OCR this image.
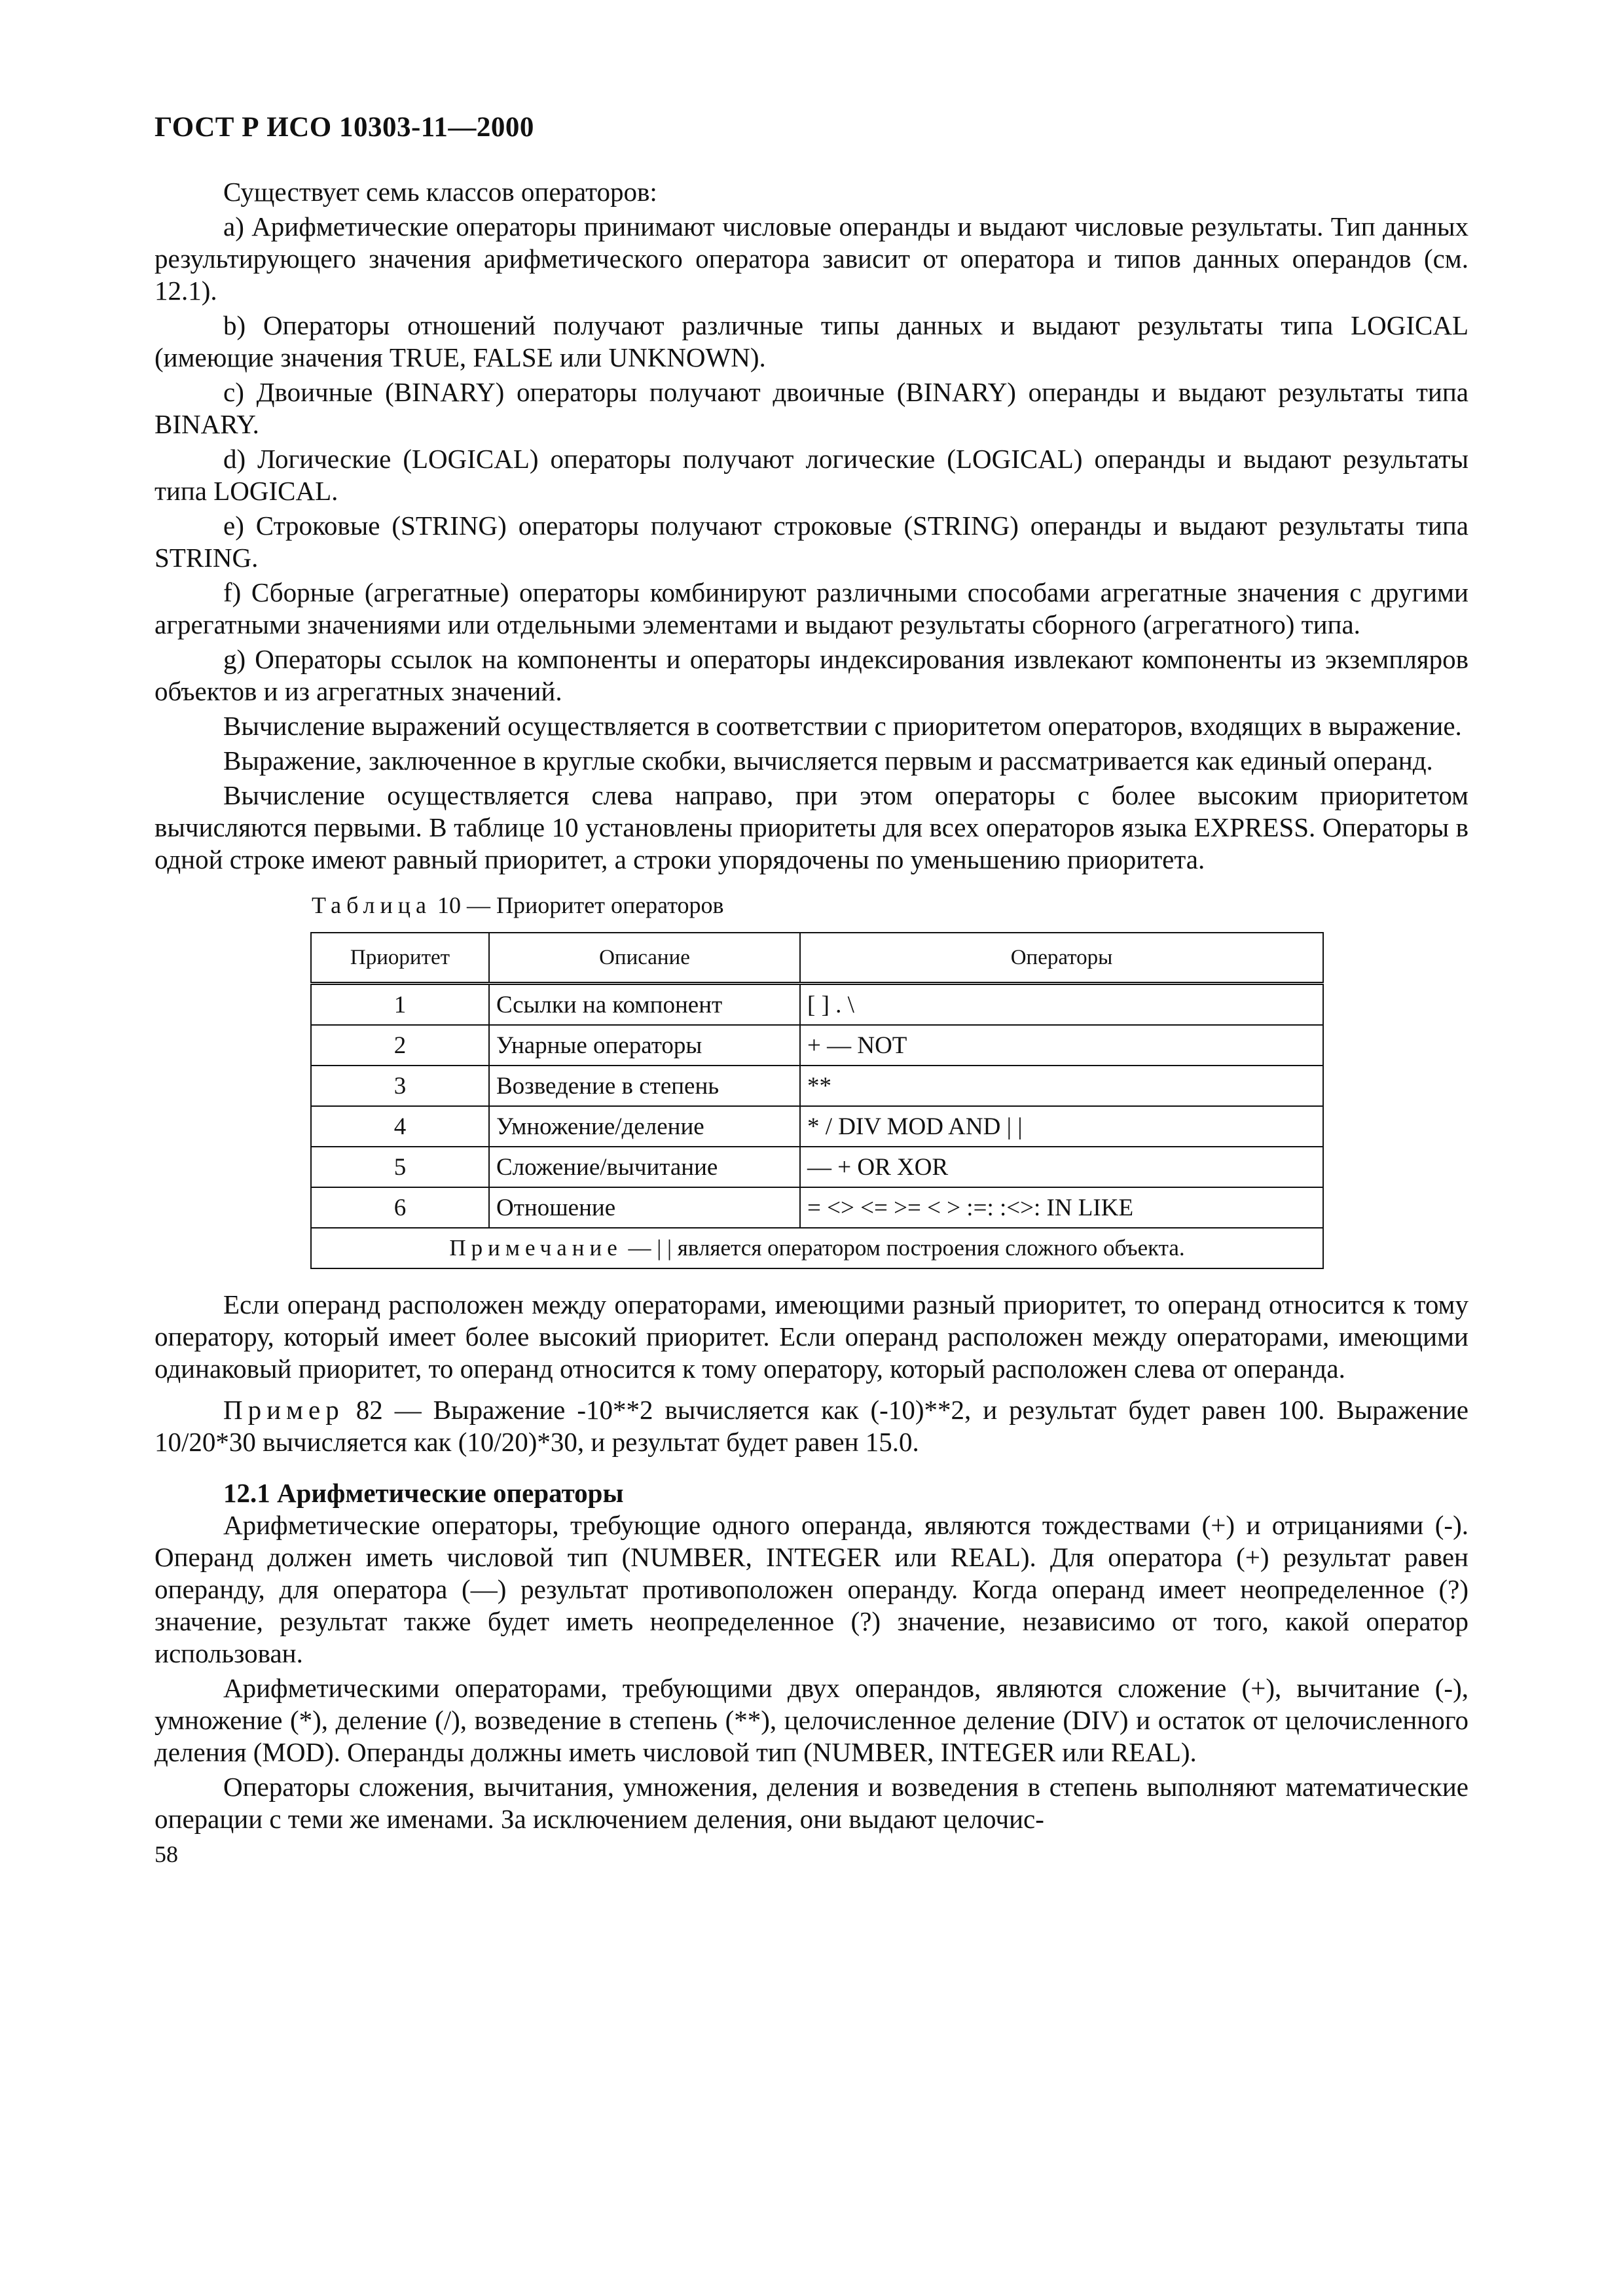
ГОСТ Р ИСО 10303-11—2000

Существует семь классов операторов:

a) Арифметические операторы принимают числовые операнды и выдают числовые результаты. Тип данных результирующего значения арифметического оператора зависит от оператора и типов данных операндов (см. 12.1).

b) Операторы отношений получают различные типы данных и выдают результаты типа LOGICAL (имеющие значения TRUE, FALSE или UNKNOWN).

c) Двоичные (BINARY) операторы получают двоичные (BINARY) операнды и выдают результаты типа BINARY.

d) Логические (LOGICAL) операторы получают логические (LOGICAL) операнды и выдают результаты типа LOGICAL.

e) Строковые (STRING) операторы получают строковые (STRING) операнды и выдают результаты типа STRING.

f) Сборные (агрегатные) операторы комбинируют различными способами агрегатные значения с другими агрегатными значениями или отдельными элементами и выдают результаты сборного (агрегатного) типа.

g) Операторы ссылок на компоненты и операторы индексирования извлекают компоненты из экземпляров объектов и из агрегатных значений.

Вычисление выражений осуществляется в соответствии с приоритетом операторов, входящих в выражение.

Выражение, заключенное в круглые скобки, вычисляется первым и рассматривается как единый операнд.

Вычисление осуществляется слева направо, при этом операторы с более высоким приоритетом вычисляются первыми. В таблице 10 установлены приоритеты для всех операторов языка EXPRESS. Операторы в одной строке имеют равный приоритет, а строки упорядочены по уменьшению приоритета.

Таблица 10 — Приоритет операторов
Приоритет	Описание	Операторы
1	Ссылки на компонент	[ ] . \
2	Унарные операторы	+ — NOT
3	Возведение в степень	**
4	Умножение/деление	* / DIV MOD AND | |
5	Сложение/вычитание	— + OR XOR
6	Отношение	= <> <= >= < > :=: :<>: IN LIKE
Примечание — | | является оператором построения сложного объекта.		

Если операнд расположен между операторами, имеющими разный приоритет, то операнд относится к тому оператору, который имеет более высокий приоритет. Если операнд расположен между операторами, имеющими одинаковый приоритет, то операнд относится к тому оператору, который расположен слева от операнда.

Пример 82 — Выражение -10**2 вычисляется как (-10)**2, и результат будет равен 100. Выражение 10/20*30 вычисляется как (10/20)*30, и результат будет равен 15.0.

12.1 Арифметические операторы

Арифметические операторы, требующие одного операнда, являются тождествами (+) и отрицаниями (-). Операнд должен иметь числовой тип (NUMBER, INTEGER или REAL). Для оператора (+) результат равен операнду, для оператора (—) результат противоположен операнду. Когда операнд имеет неопределенное (?) значение, результат также будет иметь неопределенное (?) значение, независимо от того, какой оператор использован.

Арифметическими операторами, требующими двух операндов, являются сложение (+), вычитание (-), умножение (*), деление (/), возведение в степень (**), целочисленное деление (DIV) и остаток от целочисленного деления (MOD). Операнды должны иметь числовой тип (NUMBER, INTEGER или REAL).

Операторы сложения, вычитания, умножения, деления и возведения в степень выполняют математические операции с теми же именами. За исключением деления, они выдают целочис-

58
